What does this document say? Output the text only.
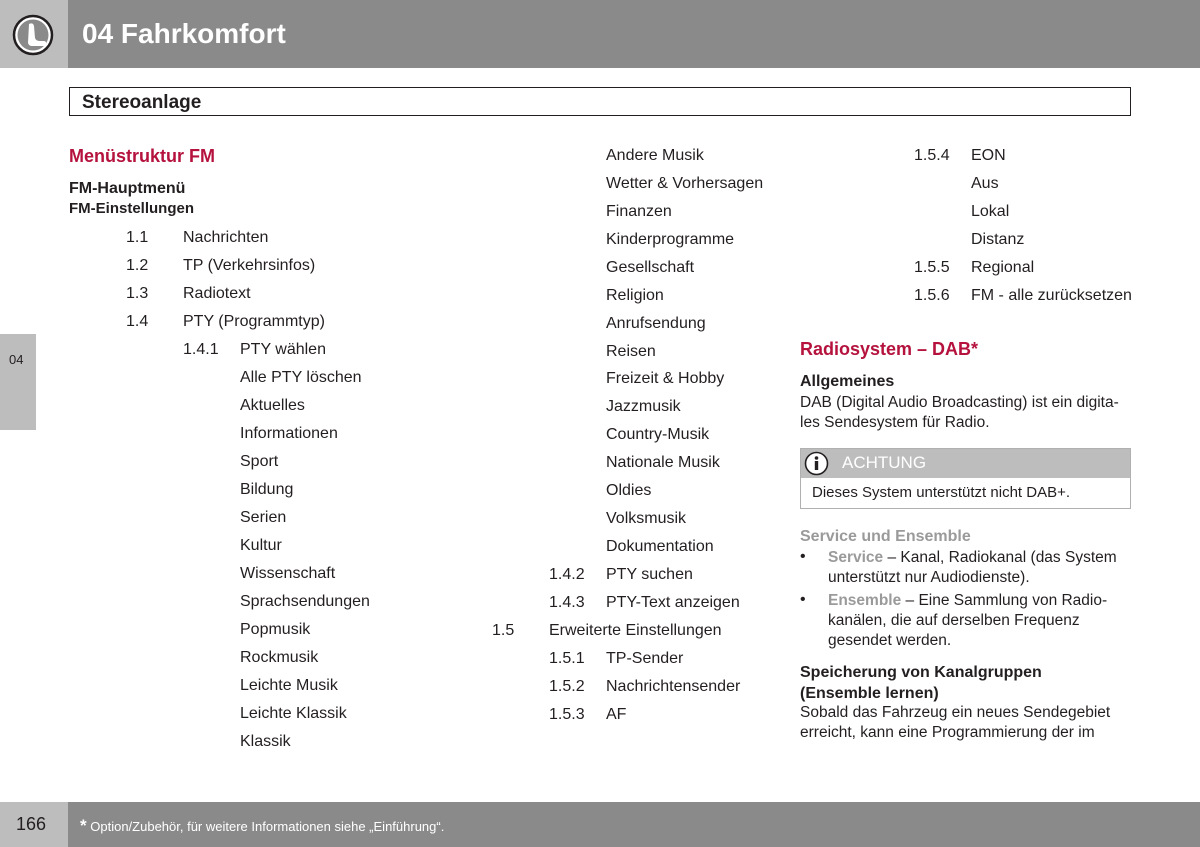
04 Fahrkomfort
04
Stereoanlage
Menüstruktur FM
FM-Hauptmenü
FM-Einstellungen
1.1 Nachrichten
1.2 TP (Verkehrsinfos)
1.3 Radiotext
1.4 PTY (Programmtyp)
1.4.1 PTY wählen
Alle PTY löschen
Aktuelles
Informationen
Sport
Bildung
Serien
Kultur
Wissenschaft
Sprachsendungen
Popmusik
Rockmusik
Leichte Musik
Leichte Klassik
Klassik
Andere Musik
Wetter & Vorhersagen
Finanzen
Kinderprogramme
Gesellschaft
Religion
Anrufsendung
Reisen
Freizeit & Hobby
Jazzmusik
Country-Musik
Nationale Musik
Oldies
Volksmusik
Dokumentation
1.4.2 PTY suchen
1.4.3 PTY-Text anzeigen
1.5 Erweiterte Einstellungen
1.5.1 TP-Sender
1.5.2 Nachrichtensender
1.5.3 AF
1.5.4 EON
Aus
Lokal
Distanz
1.5.5 Regional
1.5.6 FM - alle zurücksetzen
Radiosystem – DAB*
Allgemeines
DAB (Digital Audio Broadcasting) ist ein digita-
les Sendesystem für Radio.
ACHTUNG
Dieses System unterstützt nicht DAB+.
Service und Ensemble
• Service – Kanal, Radiokanal (das System
unterstützt nur Audiodienste).
• Ensemble – Eine Sammlung von Radio-
kanälen, die auf derselben Frequenz
gesendet werden.
Speicherung von Kanalgruppen
(Ensemble lernen)
Sobald das Fahrzeug ein neues Sendegebiet
erreicht, kann eine Programmierung der im
166 * Option/Zubehör, für weitere Informationen siehe „Einführung“.
